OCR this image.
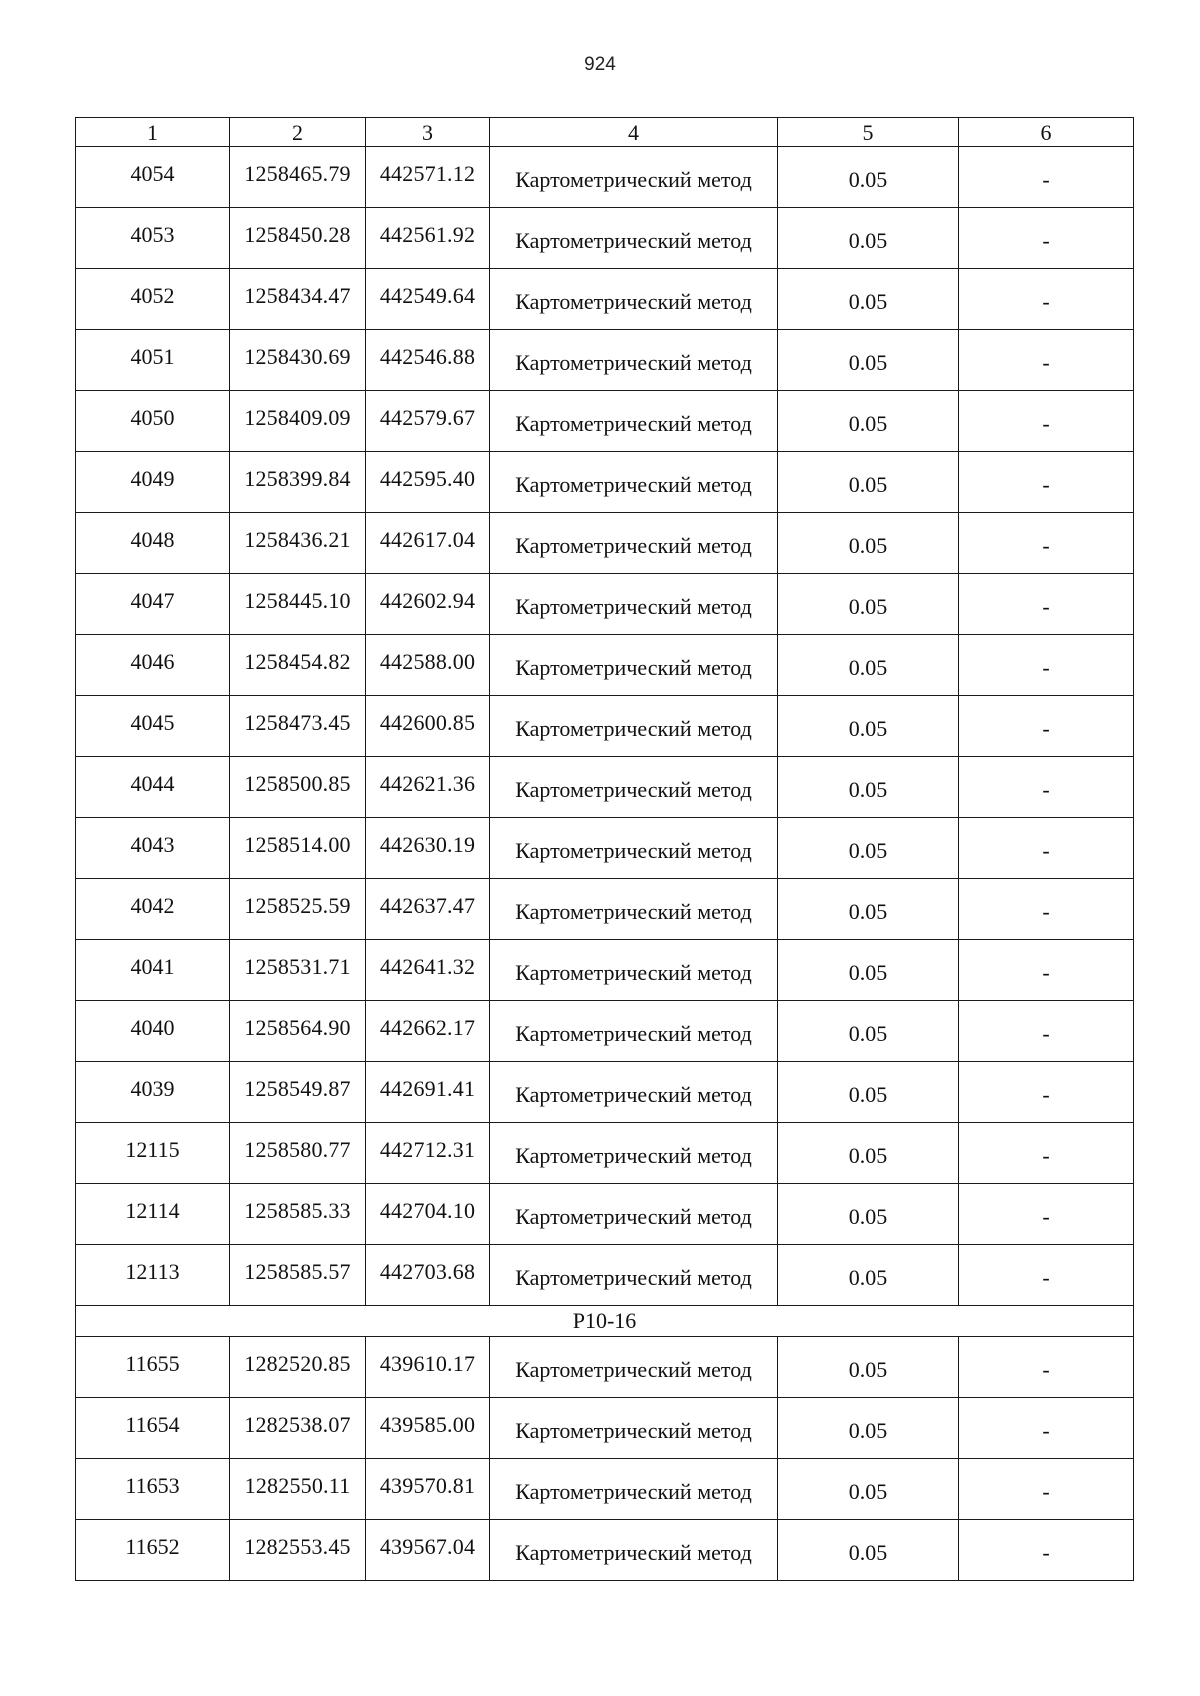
924
1	2	3	4	5	6
4054	1258465.79	442571.12	Картометрический метод	0.05	-
4053	1258450.28	442561.92	Картометрический метод	0.05	-
4052	1258434.47	442549.64	Картометрический метод	0.05	-
4051	1258430.69	442546.88	Картометрический метод	0.05	-
4050	1258409.09	442579.67	Картометрический метод	0.05	-
4049	1258399.84	442595.40	Картометрический метод	0.05	-
4048	1258436.21	442617.04	Картометрический метод	0.05	-
4047	1258445.10	442602.94	Картометрический метод	0.05	-
4046	1258454.82	442588.00	Картометрический метод	0.05	-
4045	1258473.45	442600.85	Картометрический метод	0.05	-
4044	1258500.85	442621.36	Картометрический метод	0.05	-
4043	1258514.00	442630.19	Картометрический метод	0.05	-
4042	1258525.59	442637.47	Картометрический метод	0.05	-
4041	1258531.71	442641.32	Картометрический метод	0.05	-
4040	1258564.90	442662.17	Картометрический метод	0.05	-
4039	1258549.87	442691.41	Картометрический метод	0.05	-
12115	1258580.77	442712.31	Картометрический метод	0.05	-
12114	1258585.33	442704.10	Картометрический метод	0.05	-
12113	1258585.57	442703.68	Картометрический метод	0.05	-
P10-16					
11655	1282520.85	439610.17	Картометрический метод	0.05	-
11654	1282538.07	439585.00	Картометрический метод	0.05	-
11653	1282550.11	439570.81	Картометрический метод	0.05	-
11652	1282553.45	439567.04	Картометрический метод	0.05	-
